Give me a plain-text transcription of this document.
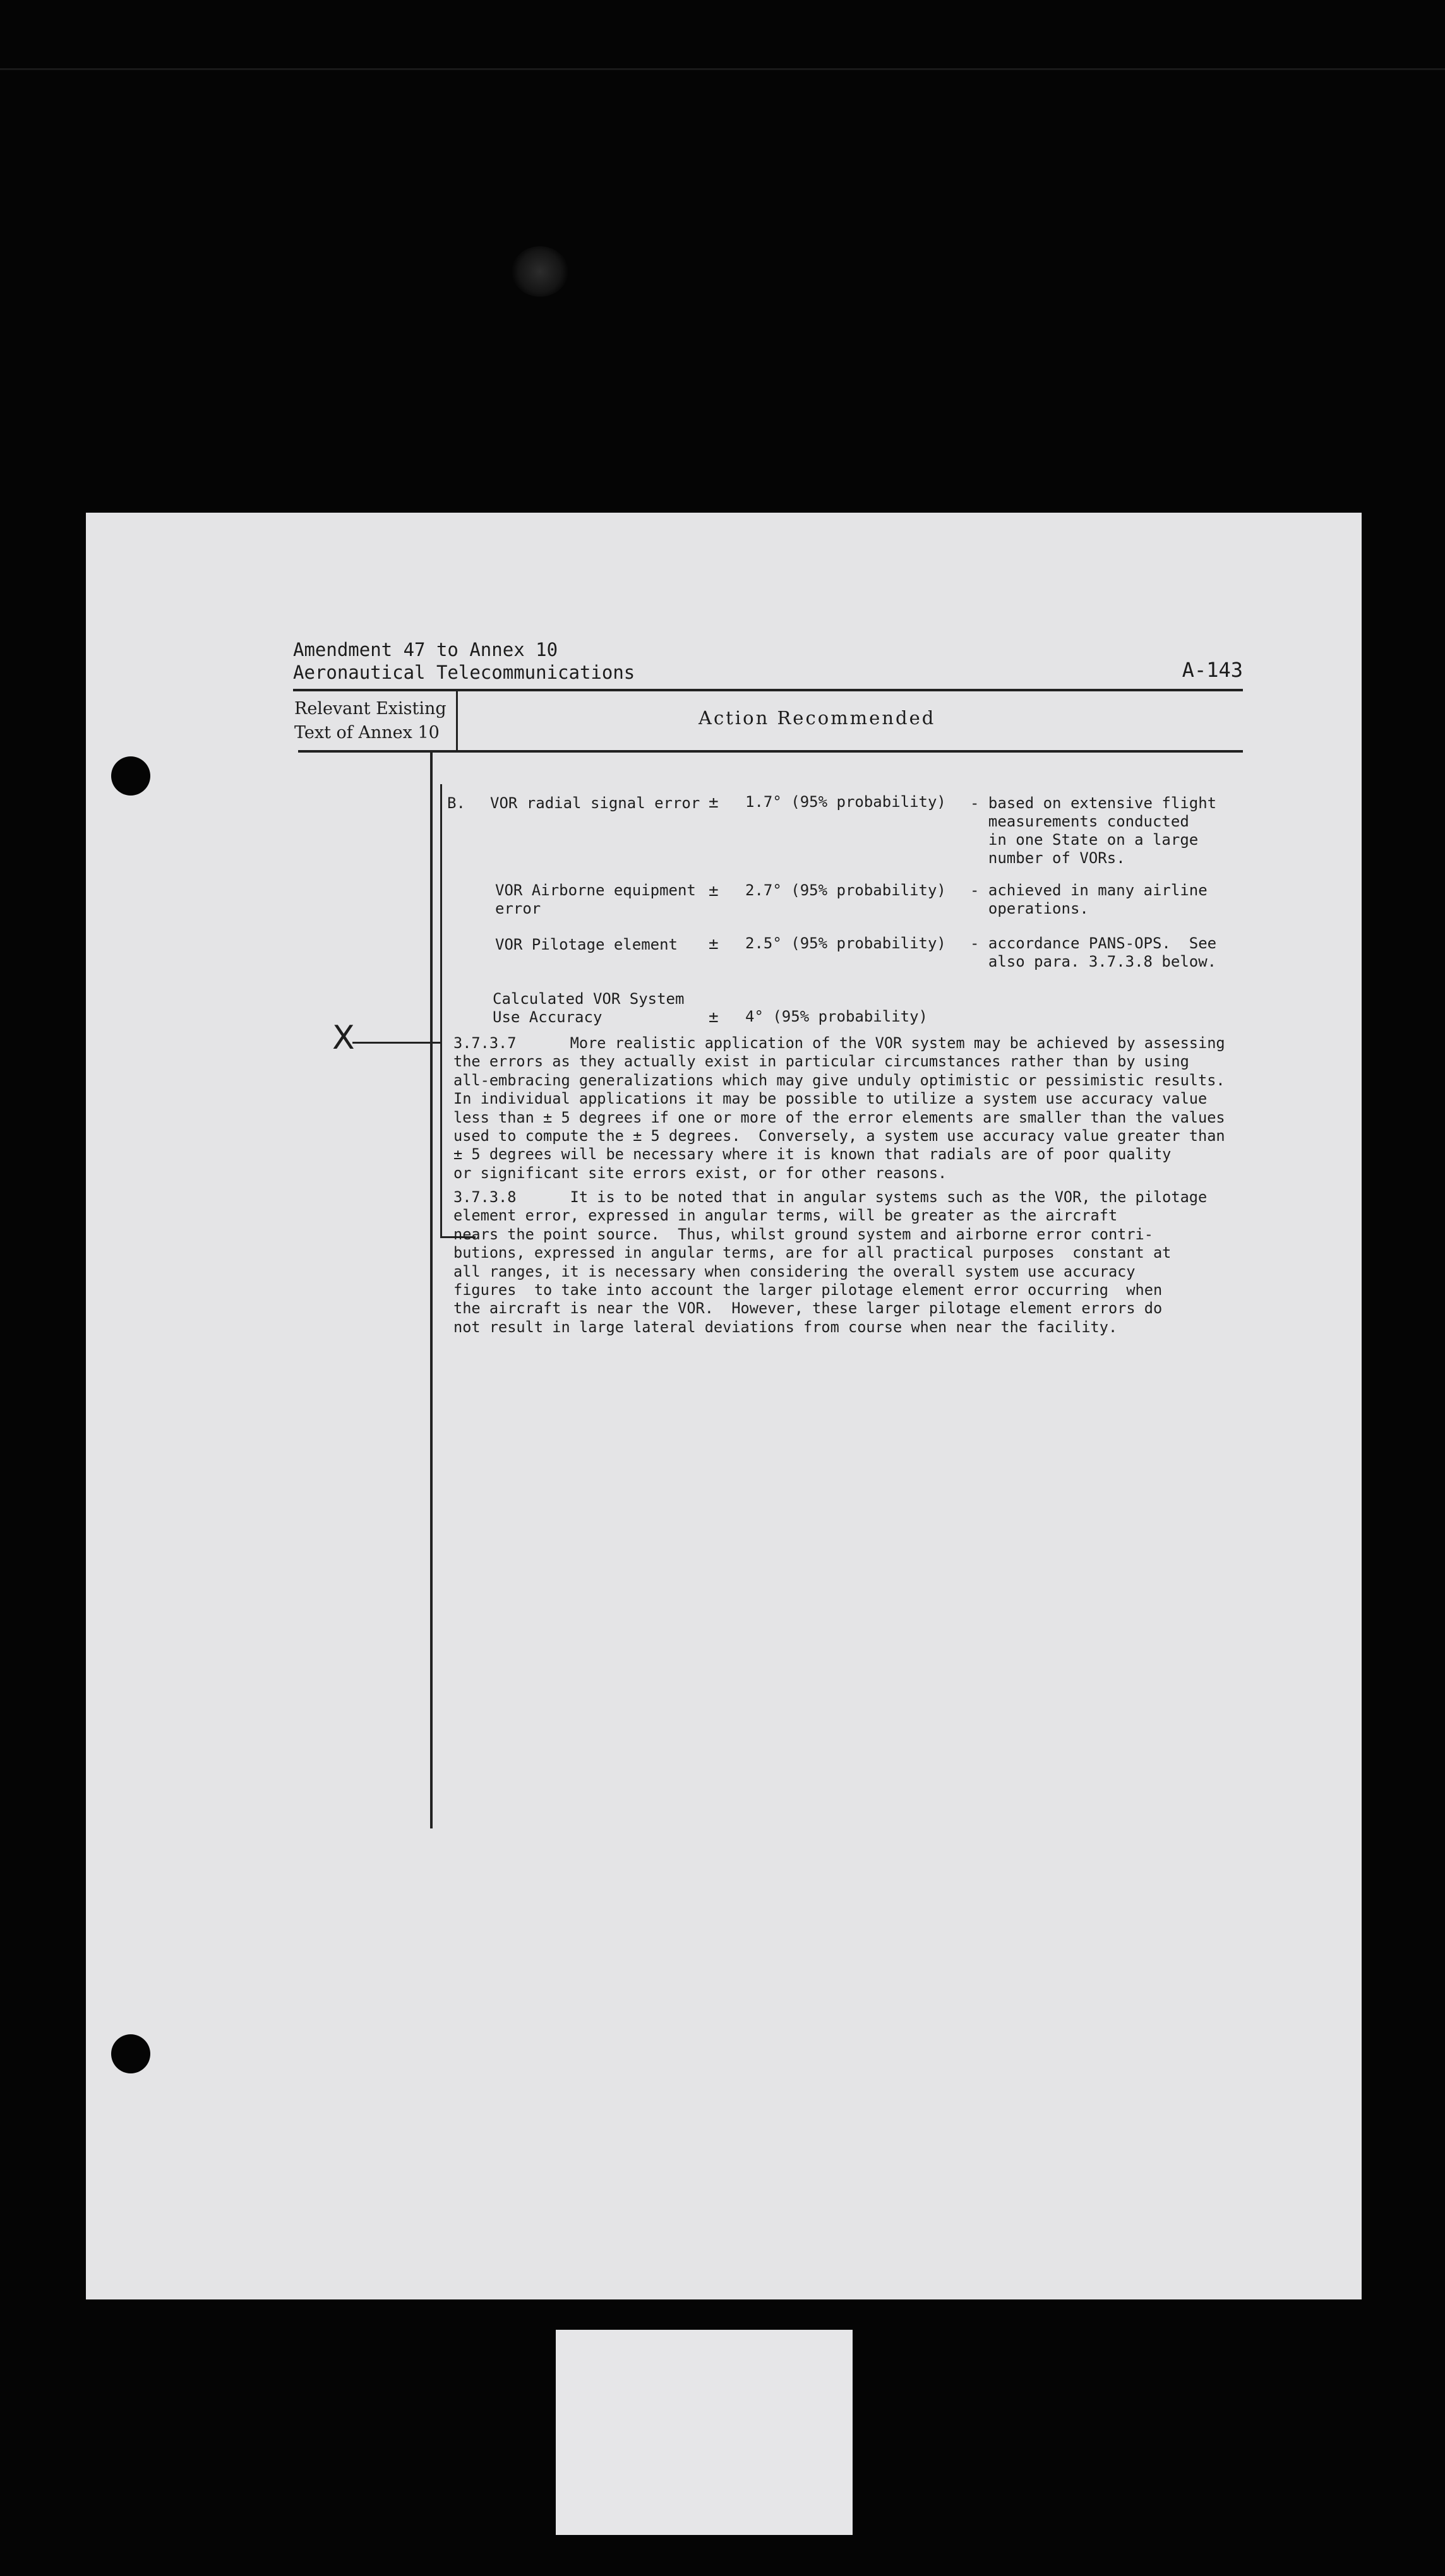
Amendment 47 to Annex 10
Aeronautical Telecommunications	A-143
Relevant Existing
Text of Annex 10
Action Recommended
B. VOR radial signal error ± 1.7° (95% probability) - based on extensive flight
measurements conducted
in one State on a large
number of VORs.
VOR Airborne equipment
error
± 2.7° (95% probability) - achieved in many airline
operations.
VOR Pilotage element ± 2.5° (95% probability) - accordance PANS-OPS.  See
also para. 3.7.3.8 below.
Calculated VOR System
Use Accuracy	± 4° (95% probability)
X	3.7.3.7      More realistic application of the VOR system may be achieved by assessing
the errors as they actually exist in particular circumstances rather than by using
all-embracing generalizations which may give unduly optimistic or pessimistic results.
In individual applications it may be possible to utilize a system use accuracy value
less than ± 5 degrees if one or more of the error elements are smaller than the values
used to compute the ± 5 degrees.  Conversely, a system use accuracy value greater than
± 5 degrees will be necessary where it is known that radials are of poor quality
or significant site errors exist, or for other reasons.
3.7.3.8      It is to be noted that in angular systems such as the VOR, the pilotage
element error, expressed in angular terms, will be greater as the aircraft
nears the point source.  Thus, whilst ground system and airborne error contri-
butions, expressed in angular terms, are for all practical purposes  constant at
all ranges, it is necessary when considering the overall system use accuracy
figures  to take into account the larger pilotage element error occurring  when
the aircraft is near the VOR.  However, these larger pilotage element errors do
not result in large lateral deviations from course when near the facility.
